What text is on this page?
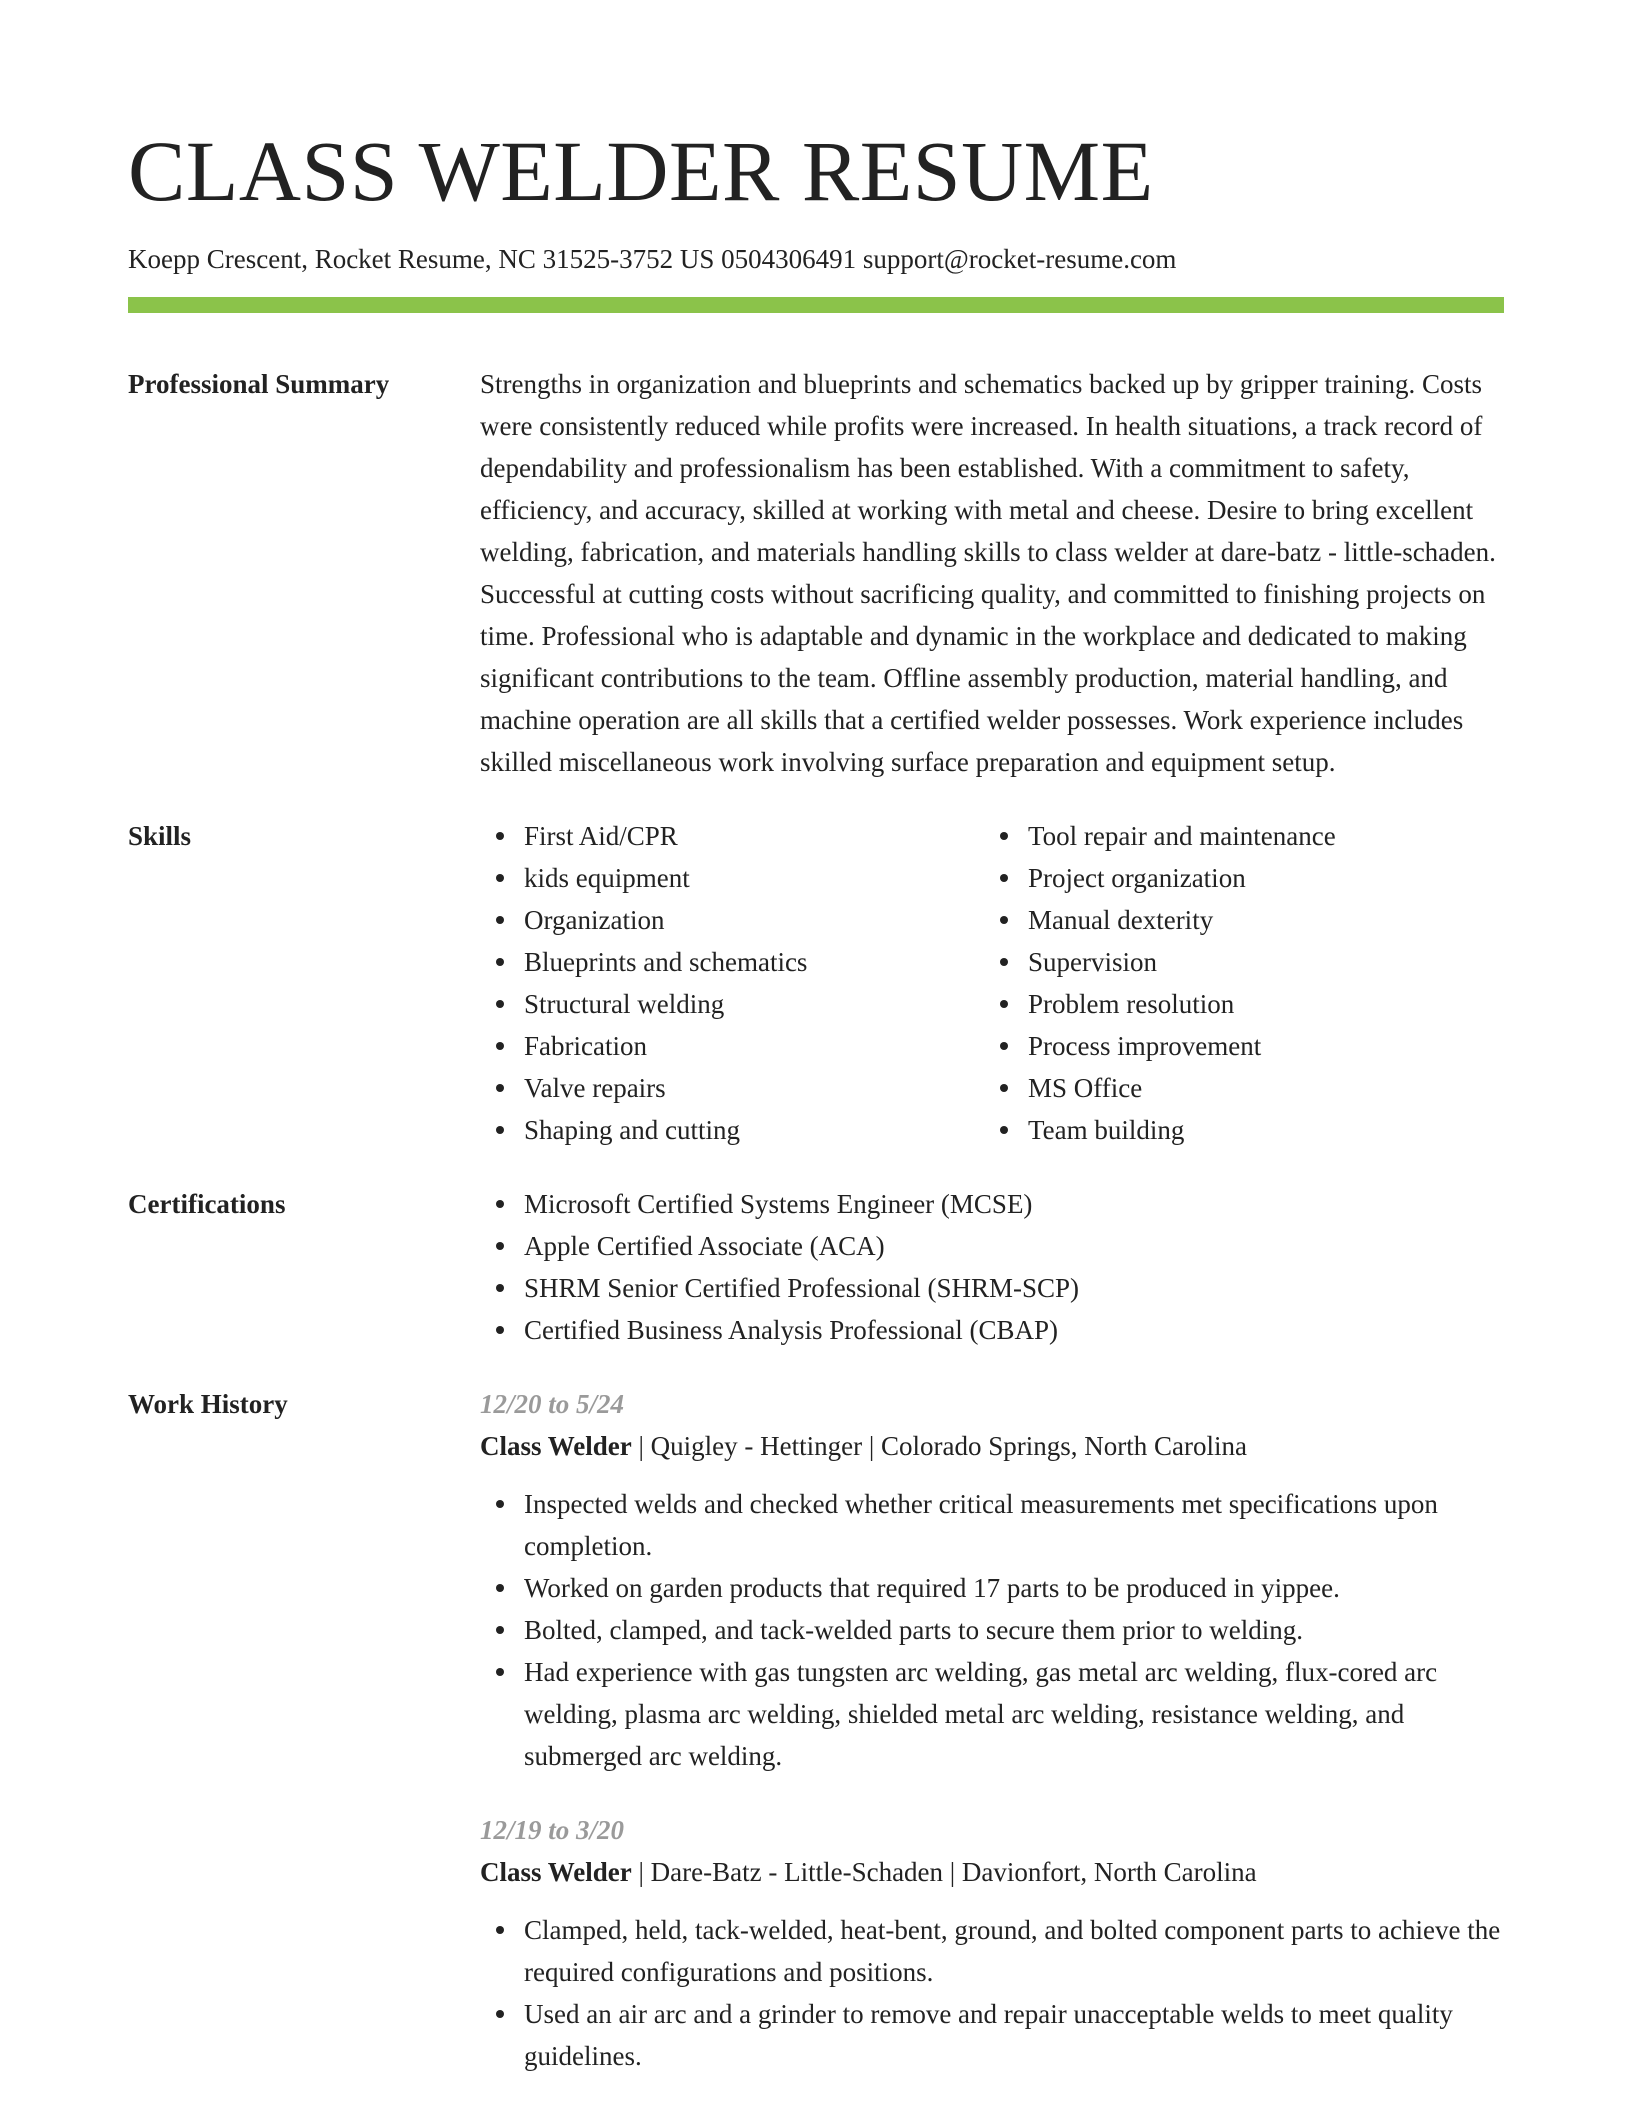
CLASS WELDER RESUME
Koepp Crescent, Rocket Resume, NC 31525-3752 US 0504306491 support@rocket-resume.com
Professional Summary	Strengths in organization and blueprints and schematics backed up by gripper training. Costs were consistently reduced while profits were increased. In health situations, a track record of dependability and professionalism has been established. With a commitment to safety, efficiency, and accuracy, skilled at working with metal and cheese. Desire to bring excellent welding, fabrication, and materials handling skills to class welder at dare-batz - little-schaden. Successful at cutting costs without sacrificing quality, and committed to finishing projects on time. Professional who is adaptable and dynamic in the workplace and dedicated to making significant contributions to the team. Offline assembly production, material handling, and machine operation are all skills that a certified welder possesses. Work experience includes skilled miscellaneous work involving surface preparation and equipment setup.

Skills	First Aid/CPR
kids equipment
Organization
Blueprints and schematics
Structural welding
Fabrication
Valve repairs
Shaping and cutting
Tool repair and maintenance
Project organization
Manual dexterity
Supervision
Problem resolution
Process improvement
MS Office
Team building
Certifications	Microsoft Certified Systems Engineer (MCSE)
Apple Certified Associate (ACA)
SHRM Senior Certified Professional (SHRM-SCP)
Certified Business Analysis Professional (CBAP)
Work History	12/20 to 5/24
Class Welder | Quigley - Hettinger | Colorado Springs, North Carolina
Inspected welds and checked whether critical measurements met specifications upon completion.
Worked on garden products that required 17 parts to be produced in yippee.
Bolted, clamped, and tack-welded parts to secure them prior to welding.
Had experience with gas tungsten arc welding, gas metal arc welding, flux-cored arc welding, plasma arc welding, shielded metal arc welding, resistance welding, and submerged arc welding.
12/19 to 3/20
Class Welder | Dare-Batz - Little-Schaden | Davionfort, North Carolina
Clamped, held, tack-welded, heat-bent, ground, and bolted component parts to achieve the required configurations and positions.
Used an air arc and a grinder to remove and repair unacceptable welds to meet quality guidelines.
